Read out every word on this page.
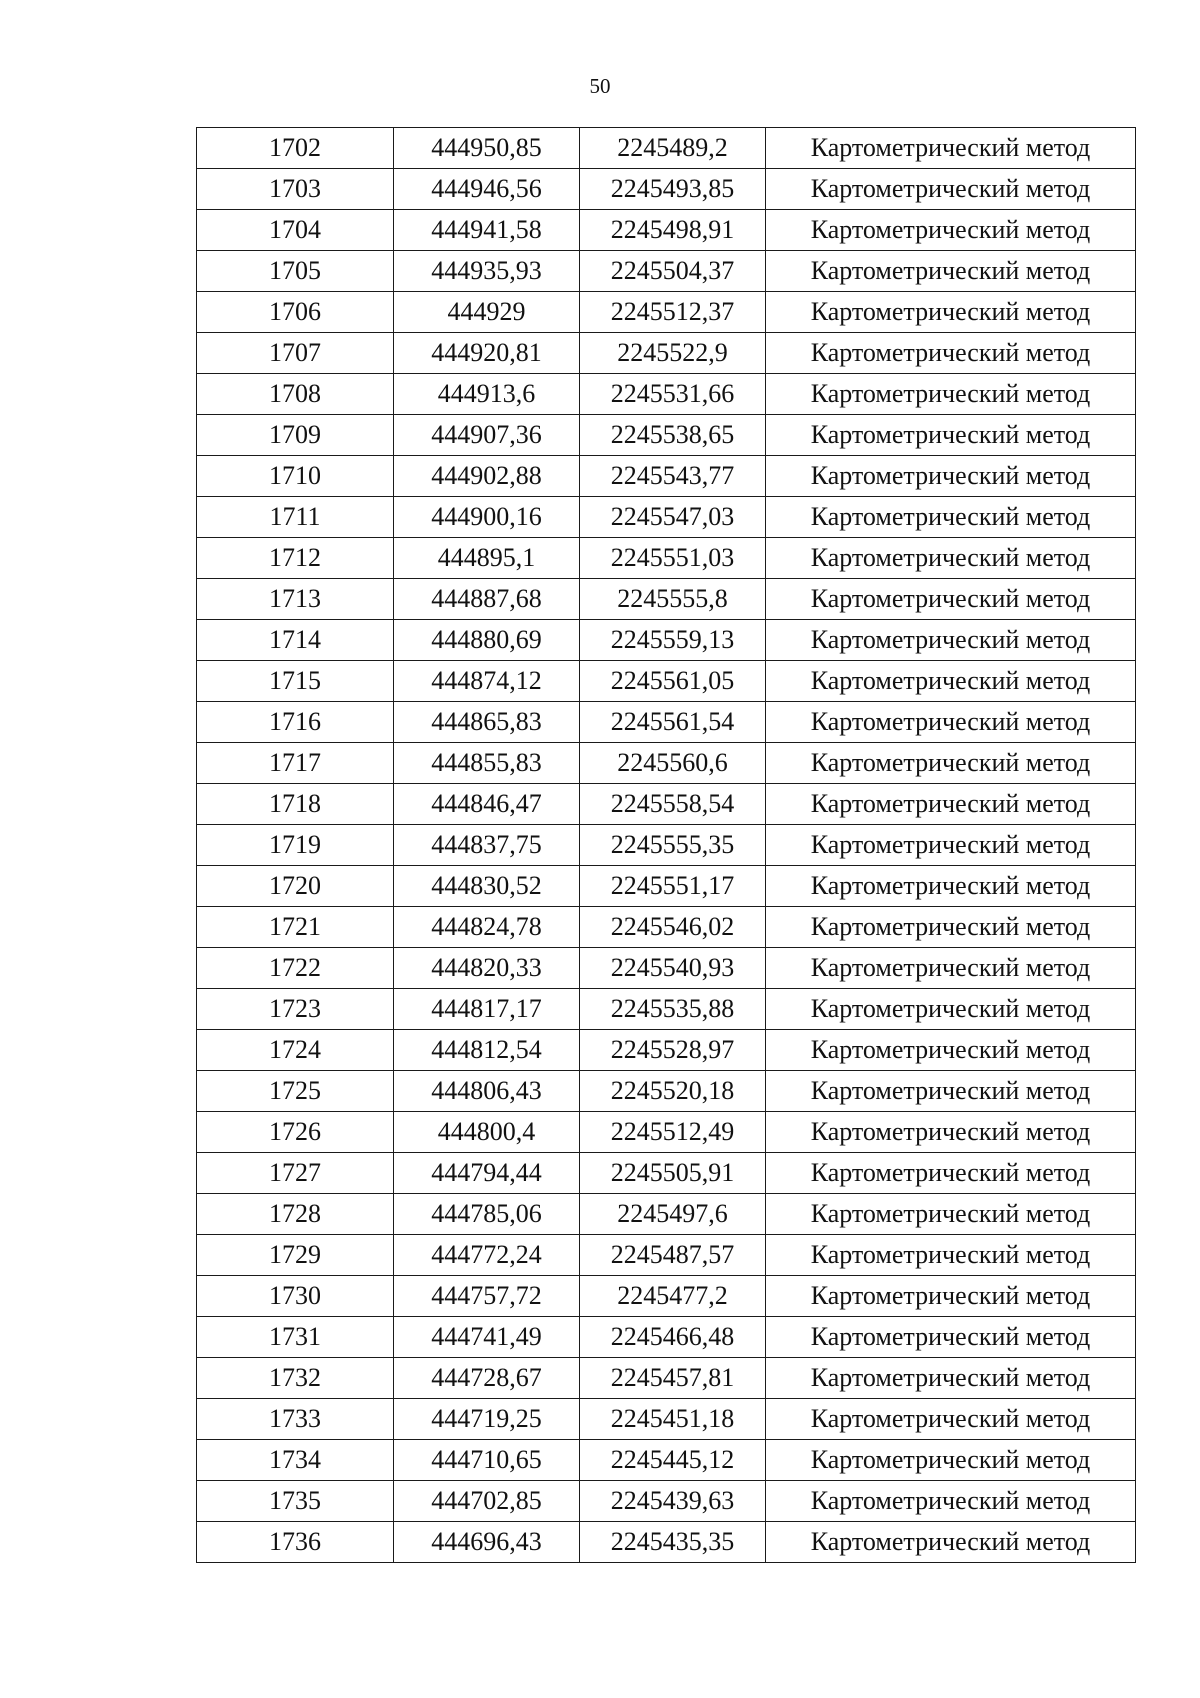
50
1702	444950,85	2245489,2	Картометрический метод
1703	444946,56	2245493,85	Картометрический метод
1704	444941,58	2245498,91	Картометрический метод
1705	444935,93	2245504,37	Картометрический метод
1706	444929	2245512,37	Картометрический метод
1707	444920,81	2245522,9	Картометрический метод
1708	444913,6	2245531,66	Картометрический метод
1709	444907,36	2245538,65	Картометрический метод
1710	444902,88	2245543,77	Картометрический метод
1711	444900,16	2245547,03	Картометрический метод
1712	444895,1	2245551,03	Картометрический метод
1713	444887,68	2245555,8	Картометрический метод
1714	444880,69	2245559,13	Картометрический метод
1715	444874,12	2245561,05	Картометрический метод
1716	444865,83	2245561,54	Картометрический метод
1717	444855,83	2245560,6	Картометрический метод
1718	444846,47	2245558,54	Картометрический метод
1719	444837,75	2245555,35	Картометрический метод
1720	444830,52	2245551,17	Картометрический метод
1721	444824,78	2245546,02	Картометрический метод
1722	444820,33	2245540,93	Картометрический метод
1723	444817,17	2245535,88	Картометрический метод
1724	444812,54	2245528,97	Картометрический метод
1725	444806,43	2245520,18	Картометрический метод
1726	444800,4	2245512,49	Картометрический метод
1727	444794,44	2245505,91	Картометрический метод
1728	444785,06	2245497,6	Картометрический метод
1729	444772,24	2245487,57	Картометрический метод
1730	444757,72	2245477,2	Картометрический метод
1731	444741,49	2245466,48	Картометрический метод
1732	444728,67	2245457,81	Картометрический метод
1733	444719,25	2245451,18	Картометрический метод
1734	444710,65	2245445,12	Картометрический метод
1735	444702,85	2245439,63	Картометрический метод
1736	444696,43	2245435,35	Картометрический метод
